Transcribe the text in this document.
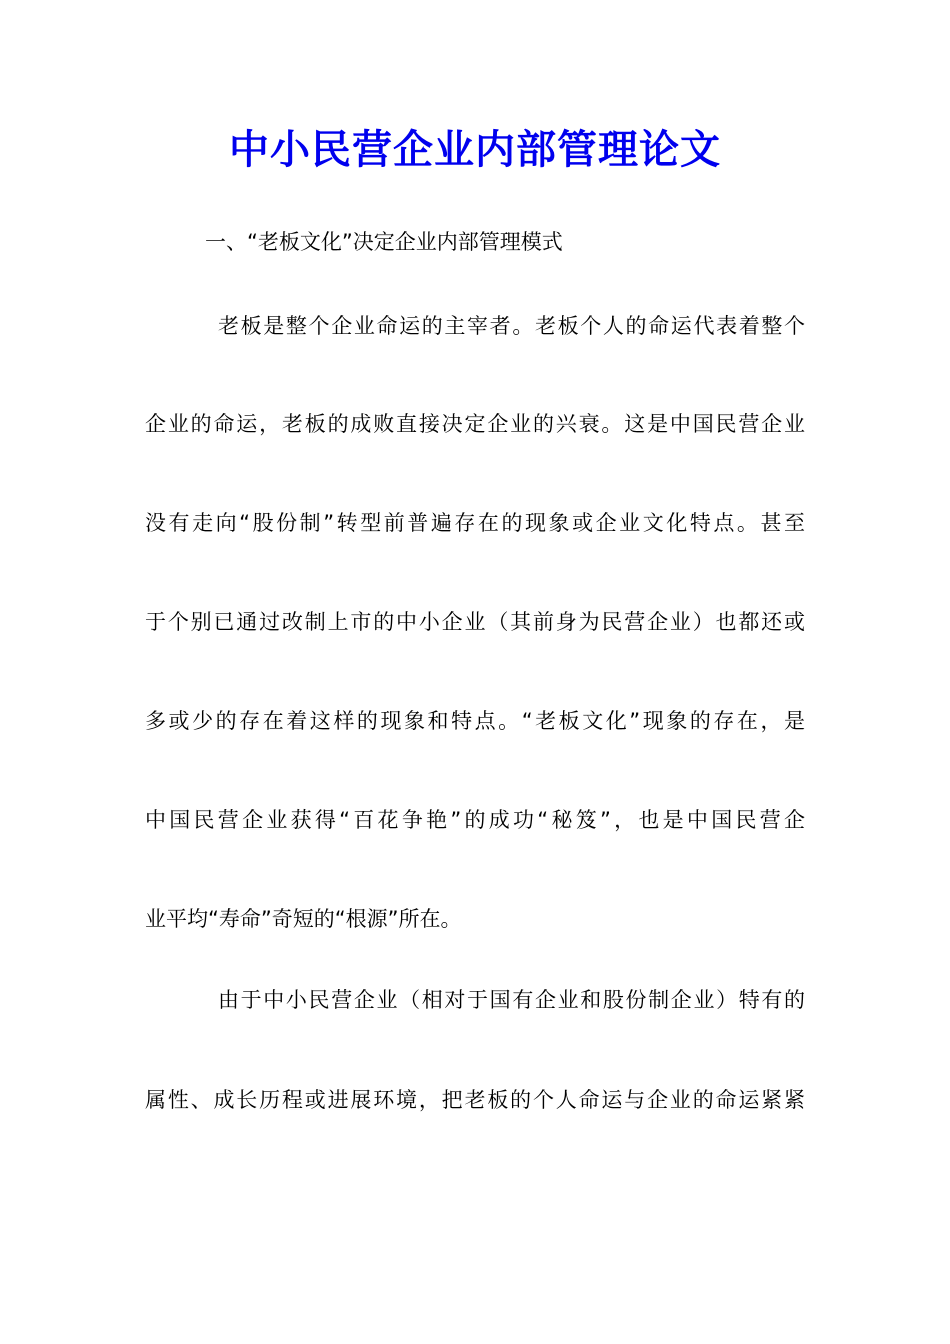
中小民营企业内部管理论文
一、“老板文化”决定企业内部管理模式
老板是整个企业命运的主宰者。老板个人的命运代表着整个
企业的命运，老板的成败直接决定企业的兴衰。这是中国民营企业
没有走向“股份制”转型前普遍存在的现象或企业文化特点。甚至
于个别已通过改制上市的中小企业（其前身为民营企业）也都还或
多或少的存在着这样的现象和特点。“老板文化”现象的存在，是
中国民营企业获得“百花争艳”的成功“秘笈”，也是中国民营企
业平均“寿命”奇短的“根源”所在。
由于中小民营企业（相对于国有企业和股份制企业）特有的
属性、成长历程或进展环境，把老板的个人命运与企业的命运紧紧
